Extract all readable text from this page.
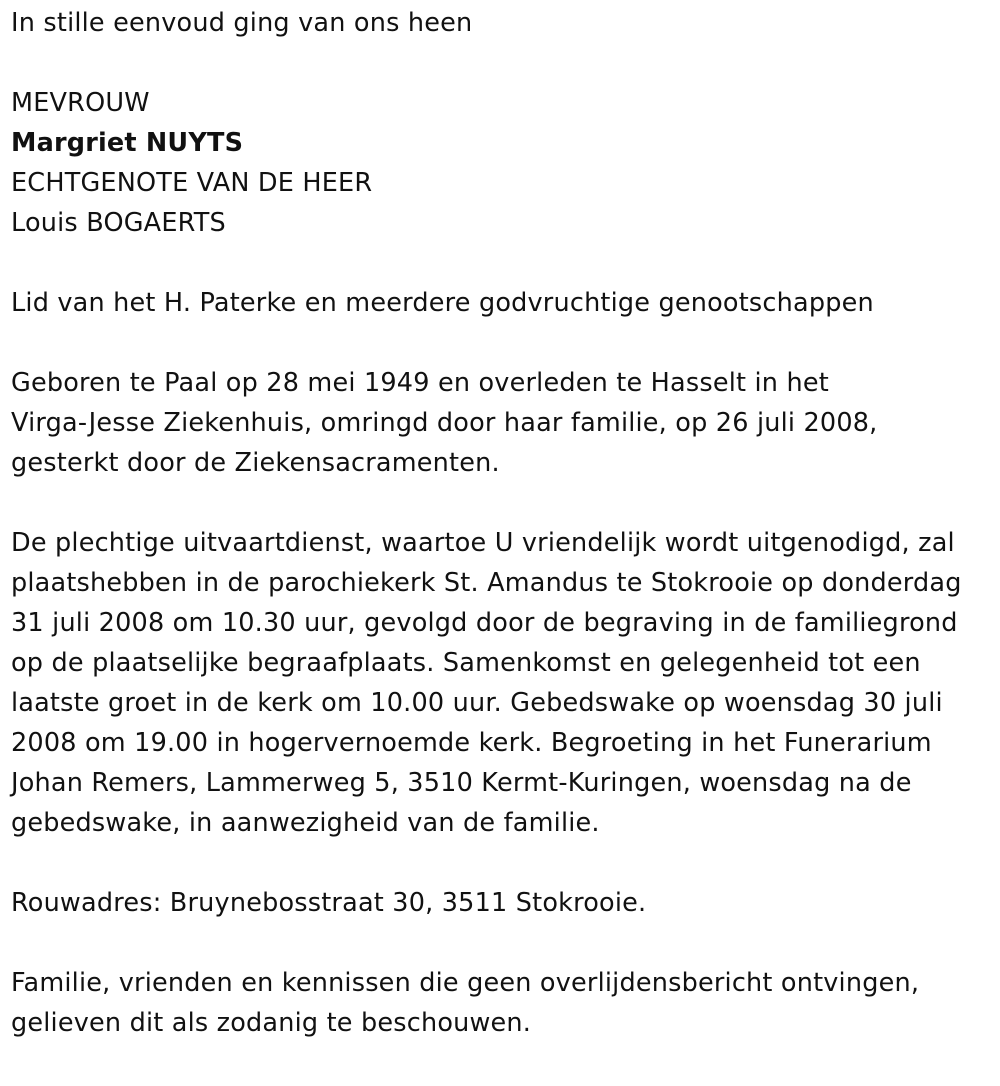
In stille eenvoud ging van ons heen

MEVROUW

Margriet NUYTS

ECHTGENOTE VAN DE HEER

Louis BOGAERTS

Lid van het H. Paterke en meerdere godvruchtige genootschappen

Geboren te Paal op 28 mei 1949 en overleden te Hasselt in het

Virga-Jesse Ziekenhuis, omringd door haar familie, op 26 juli 2008,

gesterkt door de Ziekensacramenten.

De plechtige uitvaartdienst, waartoe U vriendelijk wordt uitgenodigd, zal

plaatshebben in de parochiekerk St. Amandus te Stokrooie op donderdag

31 juli 2008 om 10.30 uur, gevolgd door de begraving in de familiegrond

op de plaatselijke begraafplaats. Samenkomst en gelegenheid tot een

laatste groet in de kerk om 10.00 uur. Gebedswake op woensdag 30 juli

2008 om 19.00 in hogervernoemde kerk. Begroeting in het Funerarium

Johan Remers, Lammerweg 5, 3510 Kermt-Kuringen, woensdag na de

gebedswake, in aanwezigheid van de familie.

Rouwadres: Bruynebosstraat 30, 3511 Stokrooie.

Familie, vrienden en kennissen die geen overlijdensbericht ontvingen,

gelieven dit als zodanig te beschouwen.
